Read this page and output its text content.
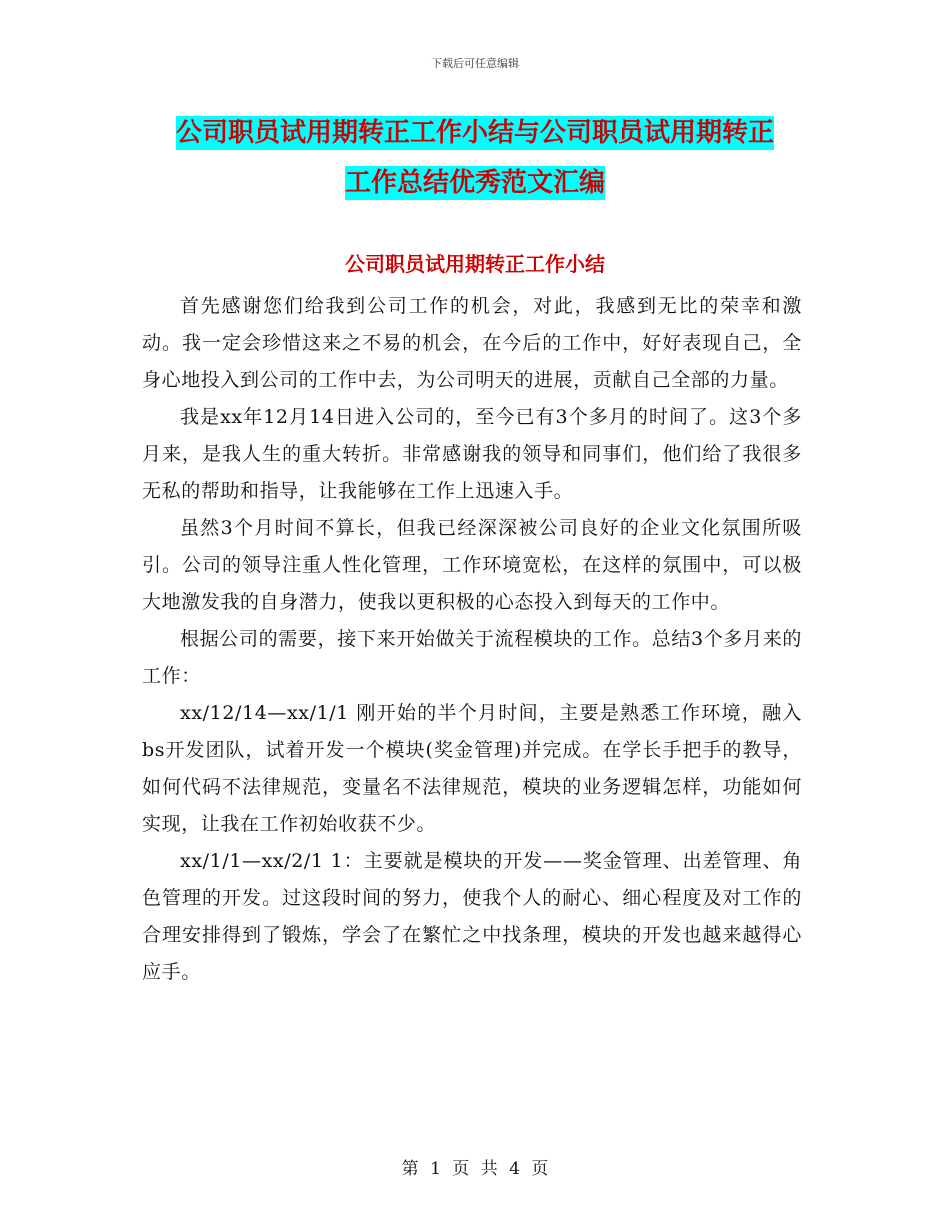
下载后可任意编辑
公司职员试用期转正工作小结与公司职员试用期转正
工作总结优秀范文汇编
公司职员试用期转正工作小结

首先感谢您们给我到公司工作的机会，对此，我感到无比的荣幸和激动。我一定会珍惜这来之不易的机会，在今后的工作中，好好表现自己，全身心地投入到公司的工作中去，为公司明天的进展，贡献自己全部的力量。

我是xx年12月14日进入公司的，至今已有3个多月的时间了。这3个多月来，是我人生的重大转折。非常感谢我的领导和同事们，他们给了我很多无私的帮助和指导，让我能够在工作上迅速入手。

虽然3个月时间不算长，但我已经深深被公司良好的企业文化氛围所吸引。公司的领导注重人性化管理，工作环境宽松，在这样的氛围中，可以极大地激发我的自身潜力，使我以更积极的心态投入到每天的工作中。

根据公司的需要，接下来开始做关于流程模块的工作。总结3个多月来的工作：

xx/12/14—xx/1/1 刚开始的半个月时间，主要是熟悉工作环境，融入bs开发团队，试着开发一个模块(奖金管理)并完成。在学长手把手的教导，如何代码不法律规范，变量名不法律规范，模块的业务逻辑怎样，功能如何实现，让我在工作初始收获不少。

xx/1/1—xx/2/1 1：主要就是模块的开发——奖金管理、出差管理、角色管理的开发。过这段时间的努力，使我个人的耐心、细心程度及对工作的合理安排得到了锻炼，学会了在繁忙之中找条理，模块的开发也越来越得心应手。

第 1 页 共 4 页
